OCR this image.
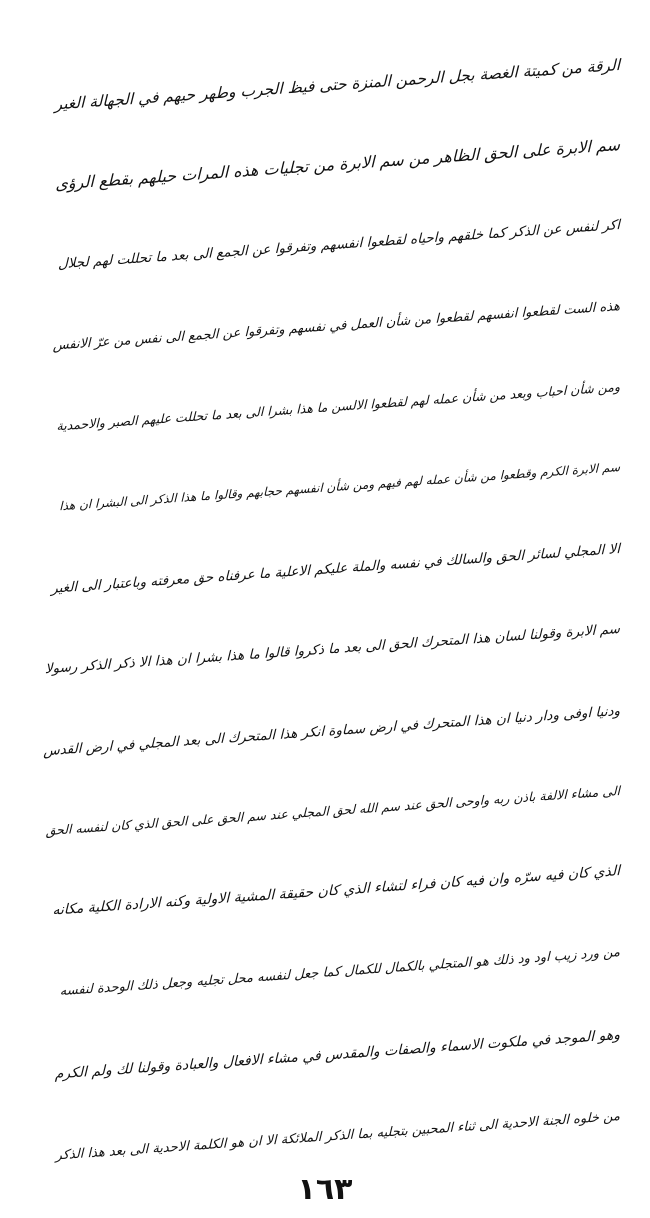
الرقة من كميتة الغصة بجل الرحمن المنزة حتى فيظ الجرب وطهر حيهم في الجهالة الغير
سم الابرة على الحق الظاهر من سم الابرة من تجليات هذه المرات حيلهم بقطع الرؤى
اكر لنفس عن الذكر كما خلقهم واحياه لقطعوا انفسهم وتفرقوا عن الجمع الى بعد ما تحللت لهم لجلال
هذه الست لقطعوا انفسهم لقطعوا من شأن العمل في نفسهم وتفرقوا عن الجمع الى نفس من عرّ الانفس
ومن شأن احباب وبعد من شأن عمله لهم لقطعوا الالسن ما هذا بشرا الى بعد ما تحللت عليهم الصبر والاحمدية
سم الابرة الكرم وقطعوا من شأن عمله لهم فيهم ومن شأن انفسهم حجابهم وقالوا ما هذا الذكر الى البشرا ان هذا
الا المجلي لسائر الحق والسالك في نفسه والملة عليكم الاعلية ما عرفناه حق معرفته وباعتبار الى الغير
سم الابرة وقولنا لسان هذا المتحرك الحق الى بعد ما ذكروا قالوا ما هذا بشرا ان هذا الا ذكر الذكر رسولا
ودنيا اوفى ودار دنيا ان هذا المتحرك في ارض سماوة انكر هذا المتحرك الى بعد المجلي في ارض القدس
الى مشاء الالفة باذن ربه واوحى الحق عند سم الله لحق المجلي عند سم الحق على الحق الذي كان لنفسه الحق
الذي كان فيه سرّه وان فيه كان فراء لتشاء الذي كان حقيقة المشية الاولية وكنه الارادة الكلية مكانه
من ورد زيب اود ود ذلك هو المتجلي بالكمال للكمال كما جعل لنفسه محل تجليه وجعل ذلك الوحدة لنفسه
وهو الموجد في ملكوت الاسماء والصفات والمقدس في مشاء الافعال والعبادة وقولنا لك ولم الكرم
من خلوه الجنة الاحدية الى ثناء المحبين بتجليه بما الذكر الملائكة الا ان هو الكلمة الاحدية الى بعد هذا الذكر
١٦٣
